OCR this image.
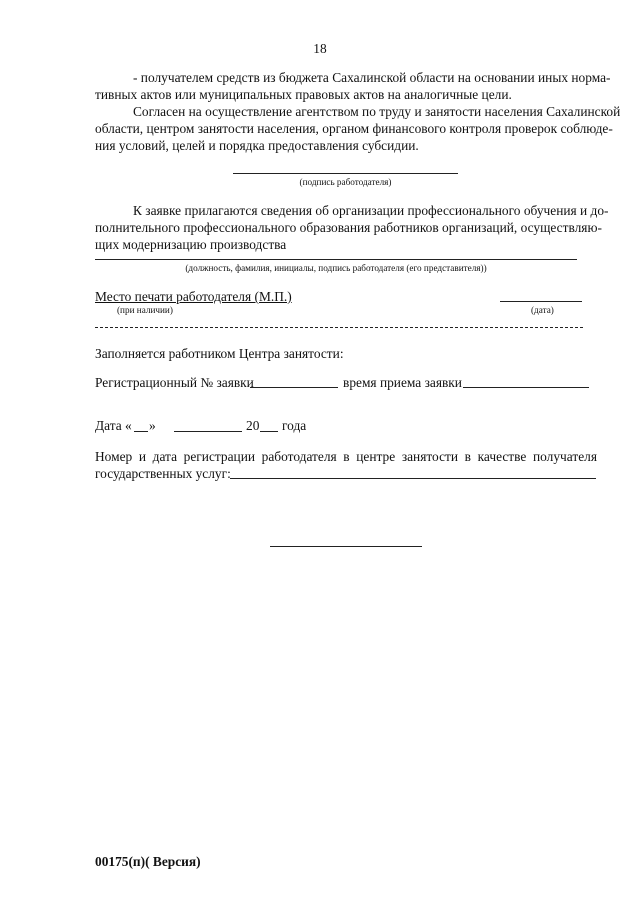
18
- получателем средств из бюджета Сахалинской области на основании иных норма-
тивных актов или муниципальных правовых актов на аналогичные цели.
Согласен на осуществление агентством по труду и занятости населения Сахалинской
области, центром занятости населения, органом финансового контроля проверок соблюде-
ния условий, целей и порядка предоставления субсидии.
(подпись работодателя)
К заявке прилагаются сведения об организации профессионального обучения и до-
полнительного профессионального образования работников организаций, осуществляю-
щих модернизацию производства
(должность, фамилия, инициалы, подпись работодателя (его представителя))
Место печати работодателя (М.П.)
(при наличии)	(дата)
Заполняется работником Центра занятости:
Регистрационный № заявки	время приема заявки
Дата « »	20 года
Номер и дата регистрации работодателя в центре занятости в качестве получателя
государственных услуг:
00175(п)( Версия)
